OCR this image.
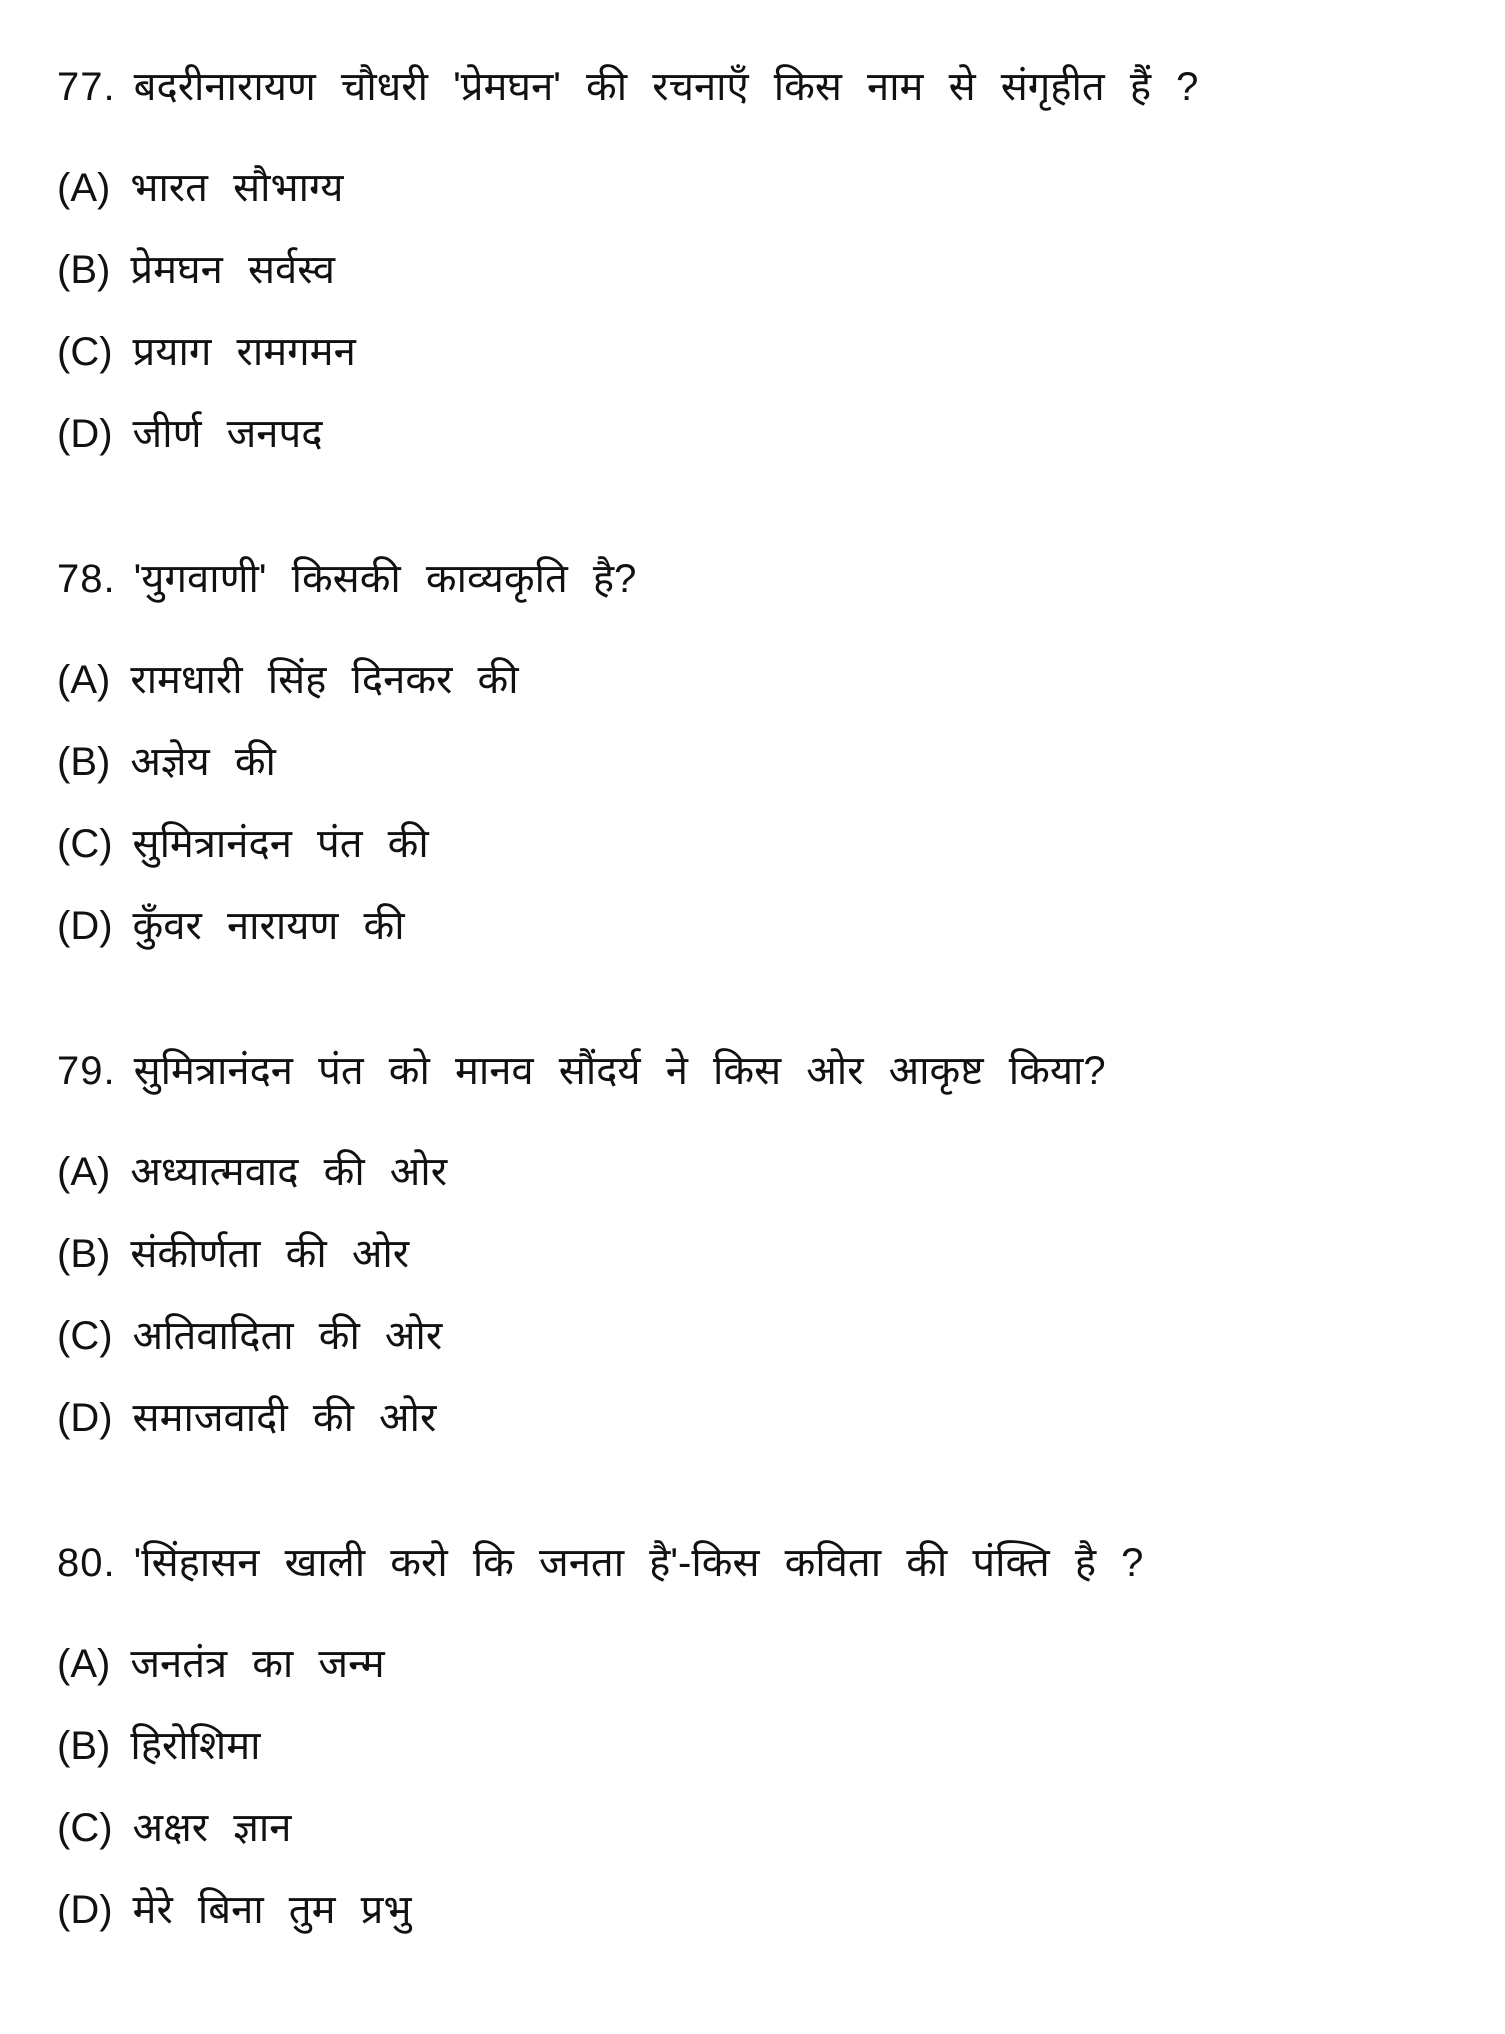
77. बदरीनारायण चौधरी 'प्रेमघन' की रचनाएँ किस नाम से संगृहीत हैं ?
(A) भारत सौभाग्य
(B) प्रेमघन सर्वस्व
(C) प्रयाग रामगमन
(D) जीर्ण जनपद
78. 'युगवाणी' किसकी काव्यकृति है?
(A) रामधारी सिंह दिनकर की
(B) अज्ञेय की
(C) सुमित्रानंदन पंत की
(D) कुँवर नारायण की
79. सुमित्रानंदन पंत को मानव सौंदर्य ने किस ओर आकृष्ट किया?
(A) अध्यात्मवाद की ओर
(B) संकीर्णता की ओर
(C) अतिवादिता की ओर
(D) समाजवादी की ओर
80. 'सिंहासन खाली करो कि जनता है'-किस कविता की पंक्ति है ?
(A) जनतंत्र का जन्म
(B) हिरोशिमा
(C) अक्षर ज्ञान
(D) मेरे बिना तुम प्रभु
